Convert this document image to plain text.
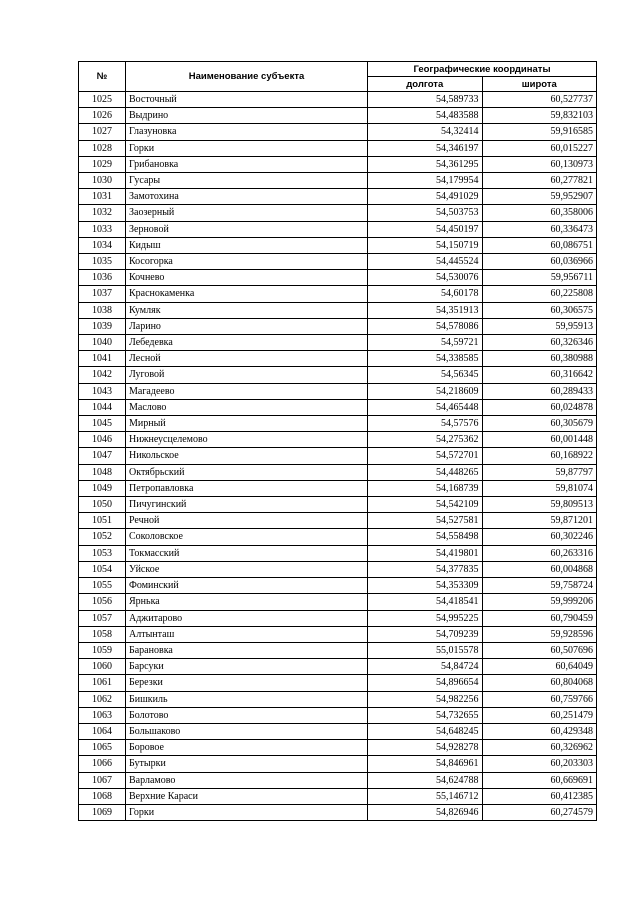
№	Наименование субъекта	Географические координаты	
		долгота	широта
1025	Восточный	54,589733	60,527737
1026	Выдрино	54,483588	59,832103
1027	Глазуновка	54,32414	59,916585
1028	Горки	54,346197	60,015227
1029	Грибановка	54,361295	60,130973
1030	Гусары	54,179954	60,277821
1031	Замотохина	54,491029	59,952907
1032	Заозерный	54,503753	60,358006
1033	Зерновой	54,450197	60,336473
1034	Кидыш	54,150719	60,086751
1035	Косогорка	54,445524	60,036966
1036	Кочнево	54,530076	59,956711
1037	Краснокаменка	54,60178	60,225808
1038	Кумляк	54,351913	60,306575
1039	Ларино	54,578086	59,95913
1040	Лебедевка	54,59721	60,326346
1041	Лесной	54,338585	60,380988
1042	Луговой	54,56345	60,316642
1043	Магадеево	54,218609	60,289433
1044	Маслово	54,465448	60,024878
1045	Мирный	54,57576	60,305679
1046	Нижнеусцелемово	54,275362	60,001448
1047	Никольское	54,572701	60,168922
1048	Октябрьский	54,448265	59,87797
1049	Петропавловка	54,168739	59,81074
1050	Пичугинский	54,542109	59,809513
1051	Речной	54,527581	59,871201
1052	Соколовское	54,558498	60,302246
1053	Токмасский	54,419801	60,263316
1054	Уйское	54,377835	60,004868
1055	Фоминский	54,353309	59,758724
1056	Ярнька	54,418541	59,999206
1057	Аджитарово	54,995225	60,790459
1058	Алтынташ	54,709239	59,928596
1059	Барановка	55,015578	60,507696
1060	Барсуки	54,84724	60,64049
1061	Березки	54,896654	60,804068
1062	Бишкиль	54,982256	60,759766
1063	Болотово	54,732655	60,251479
1064	Большаково	54,648245	60,429348
1065	Боровое	54,928278	60,326962
1066	Бутырки	54,846961	60,203303
1067	Варламово	54,624788	60,669691
1068	Верхние Караси	55,146712	60,412385
1069	Горки	54,826946	60,274579
